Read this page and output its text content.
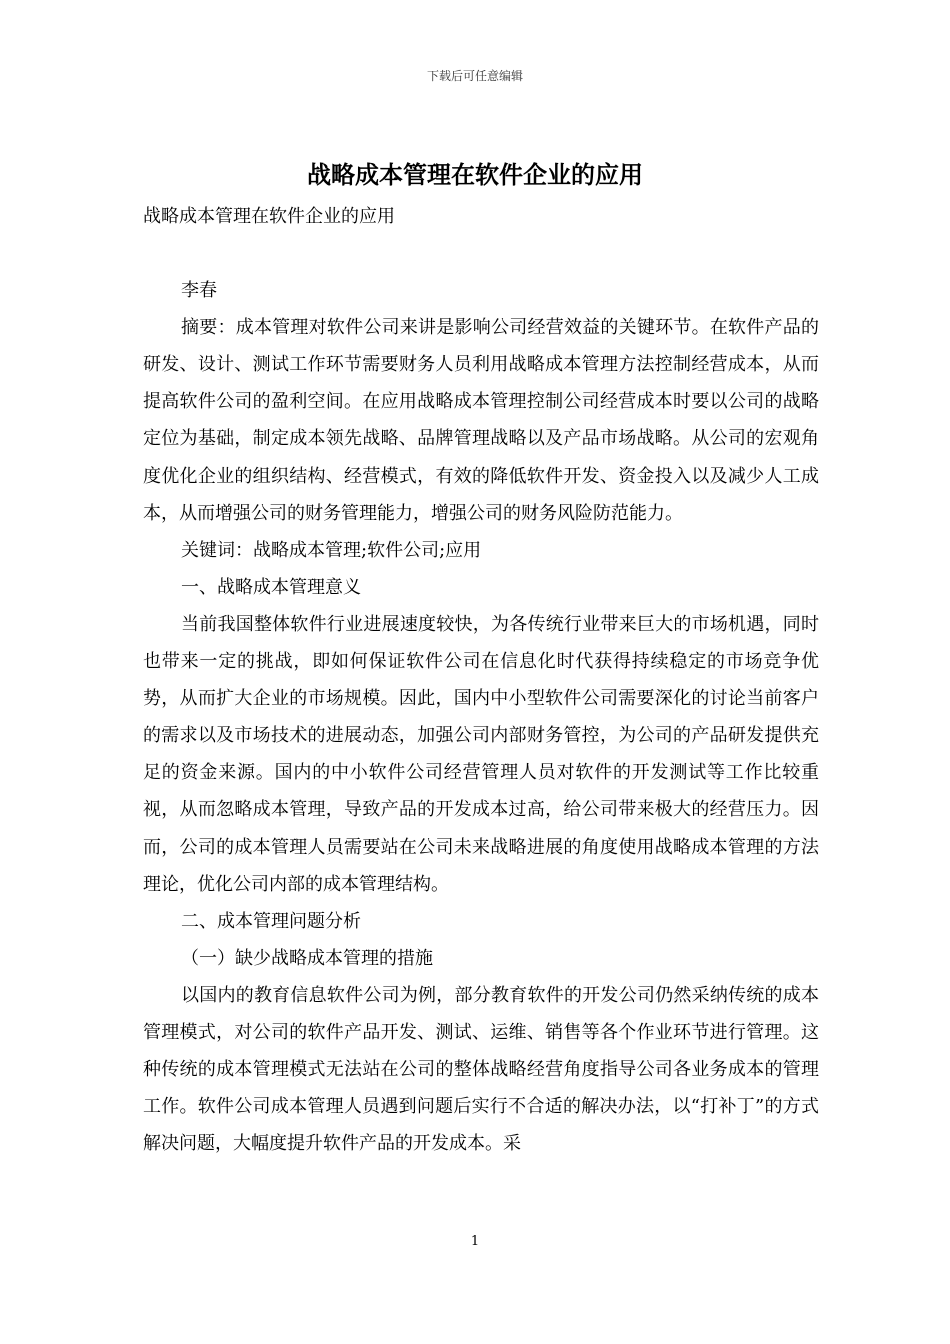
下载后可任意编辑
战略成本管理在软件企业的应用

战略成本管理在软件企业的应用

李春

摘要：成本管理对软件公司来讲是影响公司经营效益的关键环节。在软件产品的研发、设计、测试工作环节需要财务人员利用战略成本管理方法控制经营成本，从而提高软件公司的盈利空间。在应用战略成本管理控制公司经营成本时要以公司的战略定位为基础，制定成本领先战略、品牌管理战略以及产品市场战略。从公司的宏观角度优化企业的组织结构、经营模式，有效的降低软件开发、资金投入以及减少人工成本，从而增强公司的财务管理能力，增强公司的财务风险防范能力。

关键词：战略成本管理;软件公司;应用

一、战略成本管理意义

当前我国整体软件行业进展速度较快，为各传统行业带来巨大的市场机遇，同时也带来一定的挑战，即如何保证软件公司在信息化时代获得持续稳定的市场竞争优势，从而扩大企业的市场规模。因此，国内中小型软件公司需要深化的讨论当前客户的需求以及市场技术的进展动态，加强公司内部财务管控，为公司的产品研发提供充足的资金来源。国内的中小软件公司经营管理人员对软件的开发测试等工作比较重视，从而忽略成本管理，导致产品的开发成本过高，给公司带来极大的经营压力。因而，公司的成本管理人员需要站在公司未来战略进展的角度使用战略成本管理的方法理论，优化公司内部的成本管理结构。

二、成本管理问题分析

（一）缺少战略成本管理的措施

以国内的教育信息软件公司为例，部分教育软件的开发公司仍然采纳传统的成本管理模式，对公司的软件产品开发、测试、运维、销售等各个作业环节进行管理。这种传统的成本管理模式无法站在公司的整体战略经营角度指导公司各业务成本的管理工作。软件公司成本管理人员遇到问题后实行不合适的解决办法，以“打补丁”的方式解决问题，大幅度提升软件产品的开发成本。采

1
